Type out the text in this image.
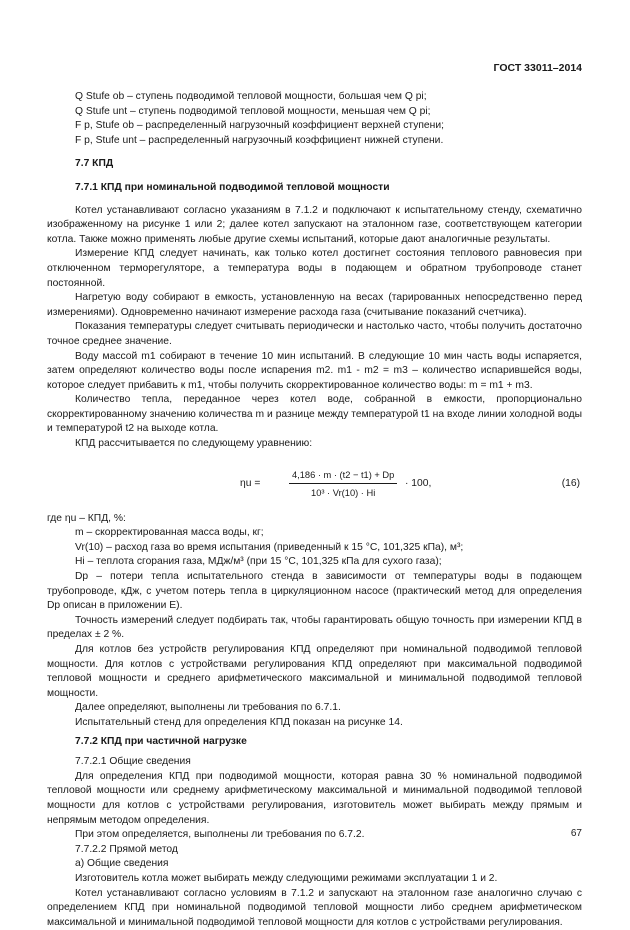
ГОСТ 33011–2014

Q Stufe ob – ступень подводимой тепловой мощности, большая чем Q pi;

Q Stufe unt – ступень подводимой тепловой мощности, меньшая чем Q pi;

F p, Stufe ob – распределенный нагрузочный коэффициент верхней ступени;

F p, Stufe unt – распределенный нагрузочный коэффициент нижней ступени.

7.7 КПД
7.7.1 КПД при номинальной подводимой тепловой мощности

Котел устанавливают согласно указаниям в 7.1.2 и подключают к испытательному стенду, схематично изображенному на рисунке 1 или 2; далее котел запускают на эталонном газе, соответствующем категории котла. Также можно применять любые другие схемы испытаний, которые дают аналогичные результаты.

Измерение КПД следует начинать, как только котел достигнет состояния теплового равновесия при отключенном терморегуляторе, а температура воды в подающем и обратном трубопроводе станет постоянной.

Нагретую воду собирают в емкость, установленную на весах (тарированных непосредственно перед измерениями). Одновременно начинают измерение расхода газа (считывание показаний счетчика).

Показания температуры следует считывать периодически и настолько часто, чтобы получить достаточно точное среднее значение.

Воду массой m1 собирают в течение 10 мин испытаний. В следующие 10 мин часть воды испаряется, затем определяют количество воды после испарения m2. m1 - m2 = m3 – количество испарившейся воды, которое следует прибавить к m1, чтобы получить скорректированное количество воды: m = m1 + m3.

Количество тепла, переданное через котел воде, собранной в емкости, пропорционально скорректированному значению количества m и разнице между температурой t1 на входе линии холодной воды и температурой t2 на выходе котла.

КПД рассчитывается по следующему уравнению:

ηu =	$\frac{4,186 \cdot m \cdot (t2 - t1) + Dp}{\text{10³ · Vr(10) · Hi}} \cdot 100$,	(16)

где ηu – КПД, %:

m – скорректированная масса воды, кг;

Vr(10) – расход газа во время испытания (приведенный к 15 °С, 101,325 кПа), м³;

Hi – теплота сгорания газа, МДж/м³ (при 15 °С, 101,325 кПа для сухого газа);

Dp – потери тепла испытательного стенда в зависимости от температуры воды в подающем трубопроводе, кДж, с учетом потерь тепла в циркуляционном насосе (практический метод для определения Dp описан в приложении Е).

Точность измерений следует подбирать так, чтобы гарантировать общую точность при измерении КПД в пределах ± 2 %.

Для котлов без устройств регулирования КПД определяют при номинальной подводимой тепловой мощности. Для котлов с устройствами регулирования КПД определяют при максимальной подводимой тепловой мощности и среднего арифметического максимальной и минимальной подводимой тепловой мощности.

Далее определяют, выполнены ли требования по 6.7.1.

Испытательный стенд для определения КПД показан на рисунке 14.

7.7.2 КПД при частичной нагрузке

7.7.2.1 Общие сведения

Для определения КПД при подводимой мощности, которая равна 30 % номинальной подводимой тепловой мощности или среднему арифметическому максимальной и минимальной подводимой тепловой мощности для котлов с устройствами регулирования, изготовитель может выбирать между прямым и непрямым методом определения.

При этом определяется, выполнены ли требования по 6.7.2.

7.7.2.2 Прямой метод

а) Общие сведения

Изготовитель котла может выбирать между следующими режимами эксплуатации 1 и 2.

Котел устанавливают согласно условиям в 7.1.2 и запускают на эталонном газе аналогично случаю с определением КПД при номинальной подводимой тепловой мощности либо среднем арифметическом максимальной и минимальной подводимой тепловой мощности для котлов с устройствами регулирования.

67
